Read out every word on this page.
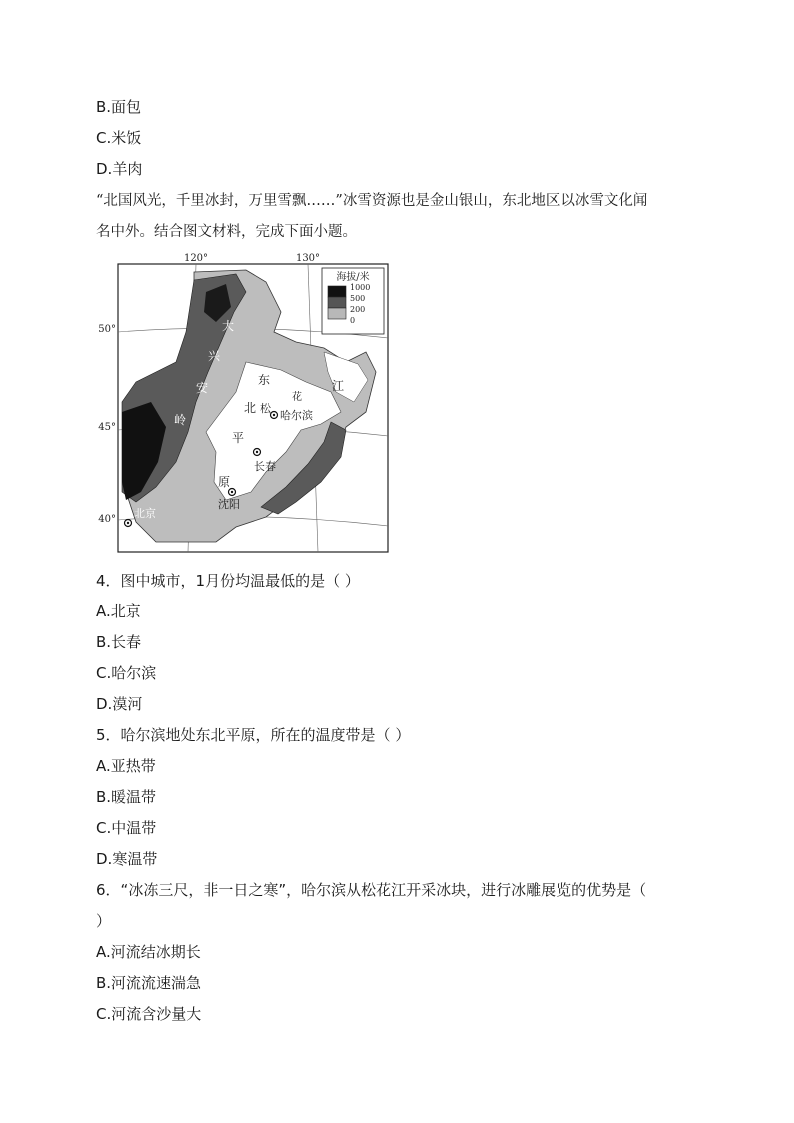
B.面包
C.米饭
D.羊肉
“北国风光，千里冰封，万里雪飘……”冰雪资源也是金山银山，东北地区以冰雪文化闻
名中外。结合图文材料，完成下面小题。
海拔/米
1000
500
200
0
120°	130°
50°
45°
40°
大
兴
安
岭
东
北 松
花
江
平
原
哈尔滨
长春
沈阳
北京
4．图中城市，1月份均温最低的是（ ）
A.北京
B.长春
C.哈尔滨
D.漠河
5．哈尔滨地处东北平原，所在的温度带是（ ）
A.亚热带
B.暖温带
C.中温带
D.寒温带
6．“冰冻三尺，非一日之寒”，哈尔滨从松花江开采冰块，进行冰雕展览的优势是（
）
A.河流结冰期长
B.河流流速湍急
C.河流含沙量大
